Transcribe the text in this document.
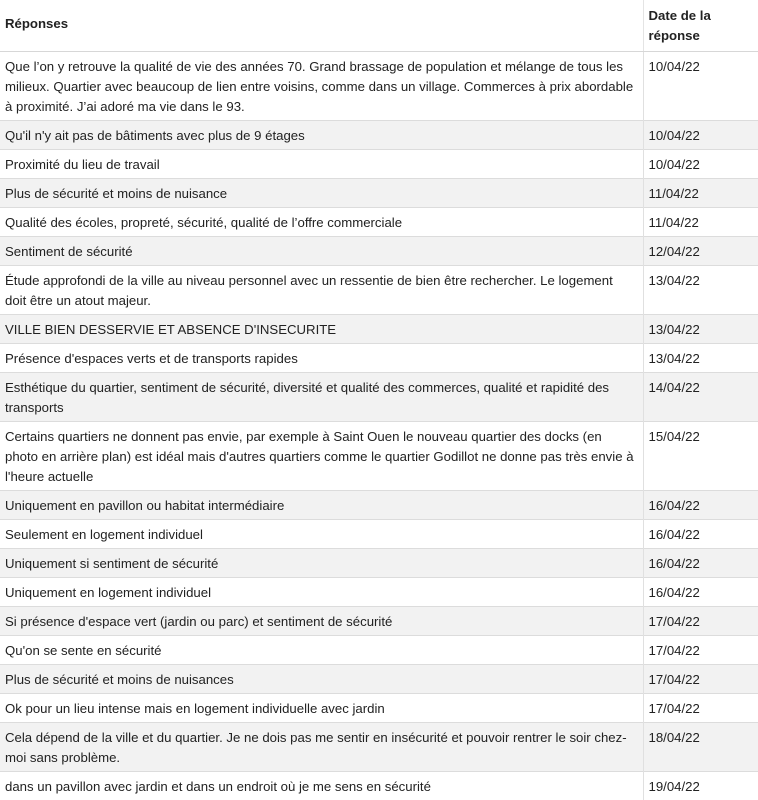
Réponses	Date de la réponse
Que l’on y retrouve la qualité de vie des années 70. Grand brassage de population et mélange de tous les milieux. Quartier avec beaucoup de lien entre voisins, comme dans un village. Commerces à prix abordable à proximité. J’ai adoré ma vie dans le 93.	10/04/22
Qu'il n'y ait pas de bâtiments avec plus de 9 étages	10/04/22
Proximité du lieu de travail	10/04/22
Plus de sécurité et moins de nuisance	11/04/22
Qualité des écoles, propreté, sécurité, qualité de l’offre commerciale	11/04/22
Sentiment de sécurité	12/04/22
Étude approfondi de la ville au niveau personnel avec un ressentie de bien être rechercher. Le logement doit être un atout majeur.	13/04/22
VILLE BIEN DESSERVIE ET ABSENCE D'INSECURITE	13/04/22
Présence d'espaces verts et de transports rapides	13/04/22
Esthétique du quartier, sentiment de sécurité, diversité et qualité des commerces, qualité et rapidité des transports	14/04/22
Certains quartiers ne donnent pas envie, par exemple à Saint Ouen le nouveau quartier des docks (en photo en arrière plan) est idéal mais d'autres quartiers comme le quartier Godillot ne donne pas très envie à l'heure actuelle	15/04/22
Uniquement en pavillon ou habitat intermédiaire	16/04/22
Seulement en logement individuel	16/04/22
Uniquement si sentiment de sécurité	16/04/22
Uniquement en logement individuel	16/04/22
Si présence d'espace vert (jardin ou parc) et sentiment de sécurité	17/04/22
Qu'on se sente en sécurité	17/04/22
Plus de sécurité et moins de nuisances	17/04/22
Ok pour un lieu intense mais en logement individuelle avec jardin	17/04/22
Cela dépend de la ville et du quartier. Je ne dois pas me sentir en insécurité et pouvoir rentrer le soir chez-moi sans problème.	18/04/22
dans un pavillon avec jardin et dans un endroit où je me sens en sécurité	19/04/22
